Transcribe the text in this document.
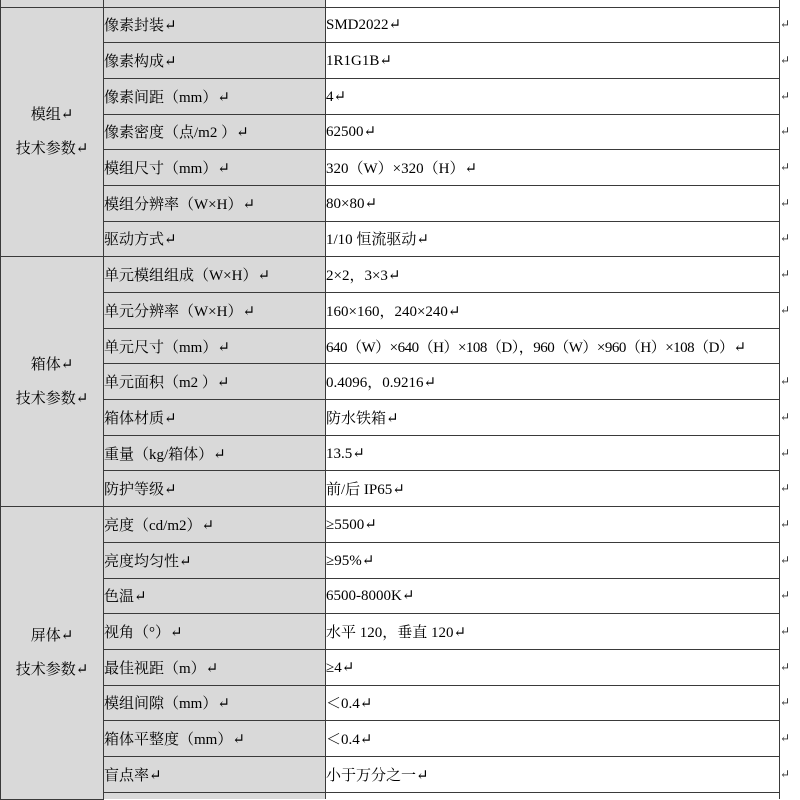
模组↵
技术参数↵	像素封装↵	SMD2022↵	↵
	像素构成↵	1R1G1B↵	↵
	像素间距（mm）↵	4↵	↵
	像素密度（点/m2 ）↵	62500↵	↵
	模组尺寸（mm）↵	320（W）×320（H）↵	↵
	模组分辨率（W×H）↵	80×80↵	↵
	驱动方式↵	1/10 恒流驱动↵	↵

箱体↵
技术参数↵	单元模组组成（W×H）↵	2×2，3×3↵	↵
	单元分辨率（W×H）↵	160×160，240×240↵	↵
	单元尺寸（mm）↵	640（W）×640（H）×108（D），960（W）×960（H）×108（D）↵	
	单元面积（m2 ）↵	0.4096，0.9216↵	↵
	箱体材质↵	防水铁箱↵	↵
	重量（kg/箱体）↵	13.5↵	↵
	防护等级↵	前/后 IP65↵	↵

屏体↵
技术参数↵	亮度（cd/m2）↵	≥5500↵	↵
	亮度均匀性↵	≥95%↵	↵
	色温↵	6500-8000K↵	↵
	视角（°）↵	水平 120，垂直 120↵	↵
	最佳视距（m）↵	≥4↵	↵
	模组间隙（mm）↵	＜0.4↵	↵
	箱体平整度（mm）↵	＜0.4↵	↵
	盲点率↵	小于万分之一↵	↵
